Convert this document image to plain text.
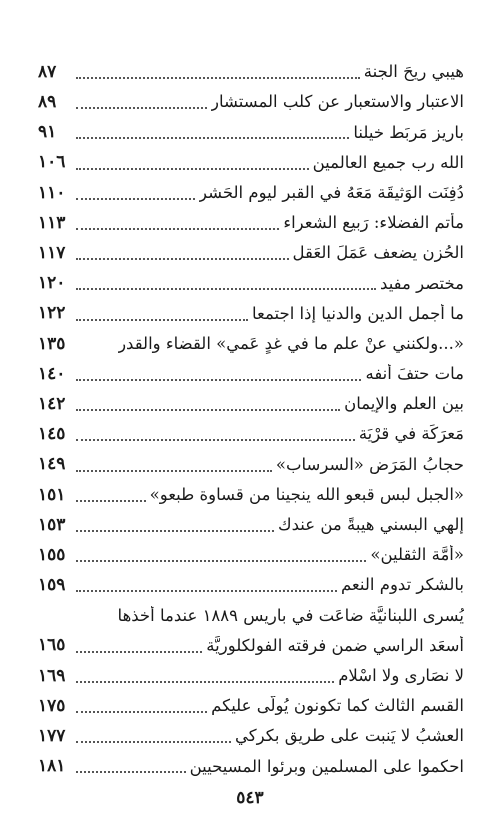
هيبي ريحَ الجنة
٨٧
الاعتبار والاستعبار عن كلب المستشار
٨٩
باريز مَربَط خيلنا
٩١
الله رب جميع العالمين
١٠٦
دُفِنَت الوَثيقَة مَعَهُ في القبر ليوم الحَشر
١١٠
مأتم الفضلاء: رَبيع الشعراء
١١٣
الحُزن يضعف عَمَلَ العَقل
١١٧
مختصر مفيد
١٢٠
ما أجمل الدين والدنيا إذا اجتمعا
١٢٢
«...ولكنني عنْ علم ما في غدٍ عَمي» القضاء والقدر
١٣٥
مات حتفَ أنفه
١٤٠
بين العلم والإيمان
١٤٢
مَعرَكَة في قرْيَة
١٤٥
حجابُ المَرَض «السرساب»
١٤٩
«الجبل لبس قبعو الله ينجينا من قساوة طبعو»
١٥١
إلهي البسني هيبةً من عندك
١٥٣
«أمَّة الثقلين»
١٥٥
بالشكر تدوم النعم
١٥٩
يُسرى اللبنانيَّة ضاعَت في باريس ١٨٨٩ عندما أخذها
أسعَد الراسي ضمن فرقته الفولكلوريَّة
١٦٥
لا نصَارى ولا اسْلام
١٦٩
القسم الثالث كما تكونون يُولَّى عليكم
١٧٥
العشبُ لا يَنبت على طريق بكركي
١٧٧
احكموا على المسلمين وبرئوا المسيحيين
١٨١
٥٤٣
